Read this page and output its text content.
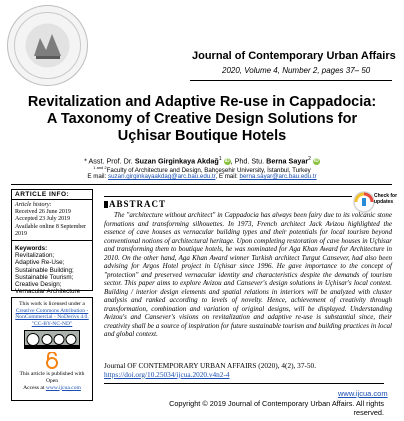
Journal of Contemporary Urban Affairs
2020, Volume 4, Number 2, pages 37– 50
Revitalization and Adaptive Re-use in Cappadocia:
A Taxonomy of Creative Design Solutions for
Uçhisar Boutique Hotels
* Asst. Prof. Dr. Suzan Girginkaya Akdağ$^1$ iD, Phd. Stu. Berna Sayar$^2$ iD
$^{1 and 2}$Faculty of Architecture and Design, Bahçeşehir University, İstanbul, Turkey
E mail: suzan.girginkayaakdag@arc.bau.edu.tr, E mail: berna.sayar@arc.bau.edu.tr
ARTICLE INFO:
Article history:
Received 26 June 2019
Accepted 23 July 2019
Available online 8 September
2019
Keywords:
Revitalization;
Adaptive Re-Use;
Sustainable Building;
Sustainable Tourism;
Creative Design;
Vernacular Architecture
This work is licensed under a
Creative Commons Attribution -
NonCommercial - NoDerivs 4.0.
"CC-BY-NC-ND"
This article is published with Open
Access at www.ijcua.com
ABSTRACT
Check for
updates
The "architecture without architect" in Cappadocia has always been fairy due to its volcanic stone formations and transforming silhouettes. In 1973, French architect Jack Avizou highlighted the essence of cave houses as vernacular building types and their potentials for local tourism beyond conventional notions of architectural heritage. Upon completing restoration of cave houses in Uçhisar and transforming them to boutique hotels, he was nominated for Aga Khan Award for Architecture in 2010. On the other hand, Aga Khan Award winner Turkish architect Turgut Cansever, had also been advising for Argos Hotel project in Uçhisar since 1996. He gave importance to the concept of "protection" and preserved vernacular identity and characteristics despite the demands of tourism sector. This paper aims to explore Avizou and Cansever's design solutions in Uçhisar's local context. Building / interior design elements and spatial relations in interiors will be analyzed with cluster analysis and ranked according to levels of novelty. Hence, achievement of creativity through transformation, combination and variation of original designs, will be displayed. Understanding Avizou's and Cansever's visions on revitalization and adaptive re-use is substantial since, their creativity shall be a source of inspiration for future sustainable tourism and building practices in local and global context.
Journal OF CONTEMPORARY URBAN AFFAIRS (2020), 4(2), 37-50.
https://doi.org/10.25034/ijcua.2020.v4n2-4
www.ijcua.com
Copyright © 2019 Journal of Contemporary Urban Affairs. All rights
reserved.
